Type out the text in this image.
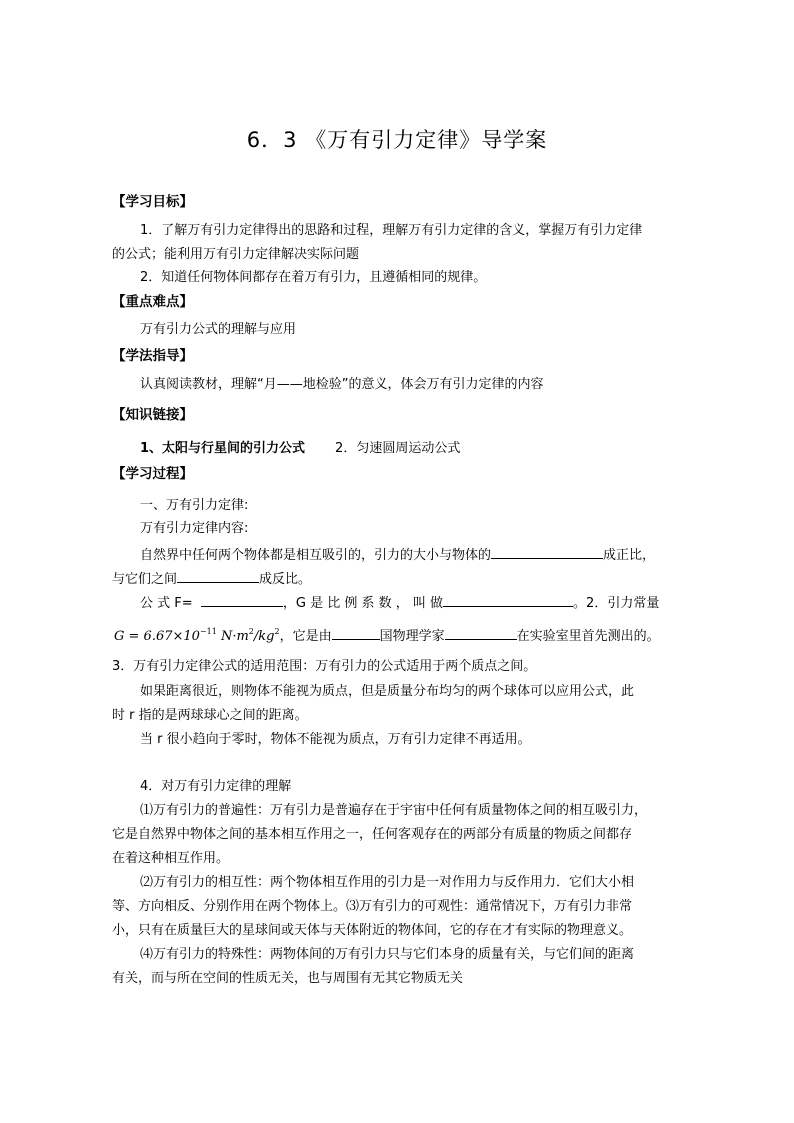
6．3 《万有引力定律》导学案
【学习目标】
1．了解万有引力定律得出的思路和过程，理解万有引力定律的含义，掌握万有引力定律
的公式；能利用万有引力定律解决实际问题
2．知道任何物体间都存在着万有引力，且遵循相同的规律。
【重点难点】
万有引力公式的理解与应用
【学法指导】
认真阅读教材，理解“月——地检验”的意义，体会万有引力定律的内容
【知识链接】
1、太阳与行星间的引力公式 2．匀速圆周运动公式
【学习过程】
一、万有引力定律:
万有引力定律内容:
自然界中任何两个物体都是相互吸引的，引力的大小与物体的	成正比，
与它们之间	成反比。
公 式 F=	，G 是 比 例 系 数 ， 叫 做	。2．引力常量
$G = 6.67\times 10^{-11}$ $N\cdot m^2/kg^2$，它是由	国物理学家	在实验室里首先测出的。
3．万有引力定律公式的适用范围：万有引力的公式适用于两个质点之间。
如果距离很近，则物体不能视为质点，但是质量分布均匀的两个球体可以应用公式，此
时 r 指的是两球球心之间的距离。
当 r 很小趋向于零时，物体不能视为质点，万有引力定律不再适用。
4．对万有引力定律的理解
⑴万有引力的普遍性：万有引力是普遍存在于宇宙中任何有质量物体之间的相互吸引力，
它是自然界中物体之间的基本相互作用之一，任何客观存在的两部分有质量的物质之间都存
在着这种相互作用。
⑵万有引力的相互性：两个物体相互作用的引力是一对作用力与反作用力．它们大小相
等、方向相反、分别作用在两个物体上。⑶万有引力的可观性：通常情况下，万有引力非常
小，只有在质量巨大的星球间或天体与天体附近的物体间，它的存在才有实际的物理意义。
⑷万有引力的特殊性：两物体间的万有引力只与它们本身的质量有关，与它们间的距离
有关，而与所在空间的性质无关，也与周围有无其它物质无关
